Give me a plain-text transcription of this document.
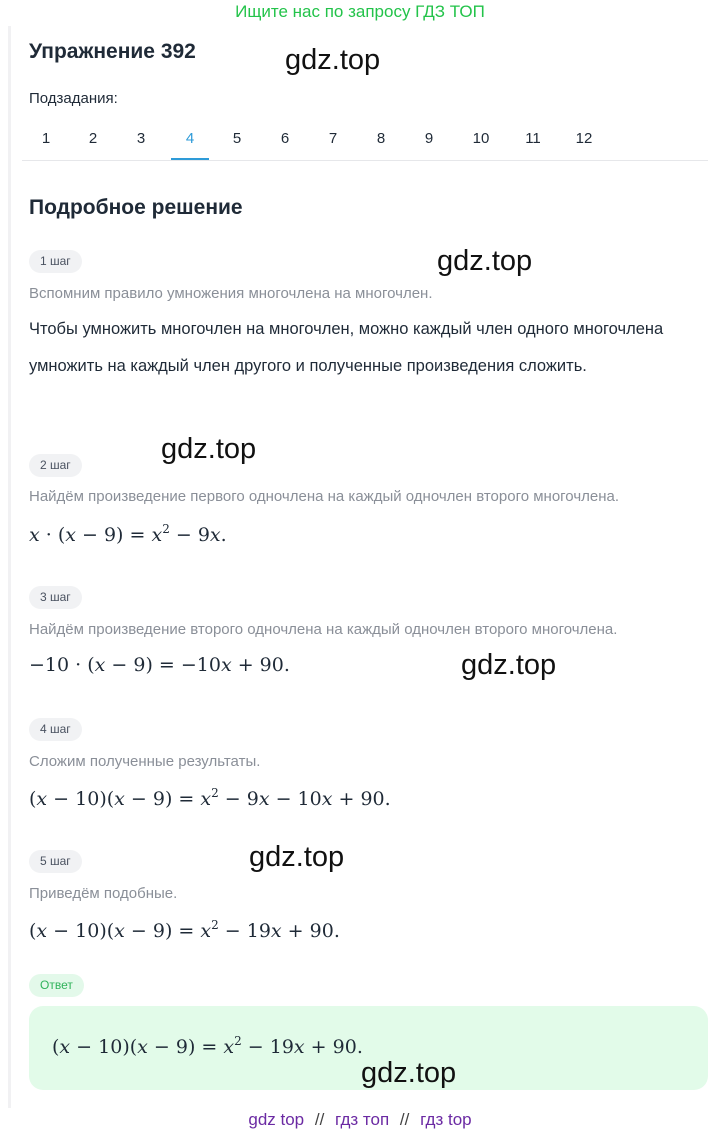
Ищите нас по запросу ГДЗ ТОП
Упражнение 392
Подзадания:
1	2	3	4	5	6	7	8	9	10 11 12
Подробное решение
1 шаг
Вспомним правило умножения многочлена на многочлен.
Чтобы умножить многочлен на многочлен, можно каждый член одного многочлена умножить на каждый член другого и полученные произведения сложить.
2 шаг
Найдём произведение первого одночлена на каждый одночлен второго многочлена.
$x \cdot (x - 9) = x^2 - 9x$.
3 шаг
Найдём произведение второго одночлена на каждый одночлен второго многочлена.
−10 · (x − 9) = −10x + 90.
4 шаг
Сложим полученные результаты.
$(x - 10)(x - 9) = x^2 - 9x - 10x + 90$.
5 шаг
Приведём подобные.
$(x - 10)(x - 9) = x^2 - 19x + 90$.
Ответ
$(x - 10)(x - 9) = x^2 - 19x + 90$.
gdz.top
gdz.top
gdz.top
gdz.top
gdz.top
gdz.top
gdz top // гдз топ // гдз top
